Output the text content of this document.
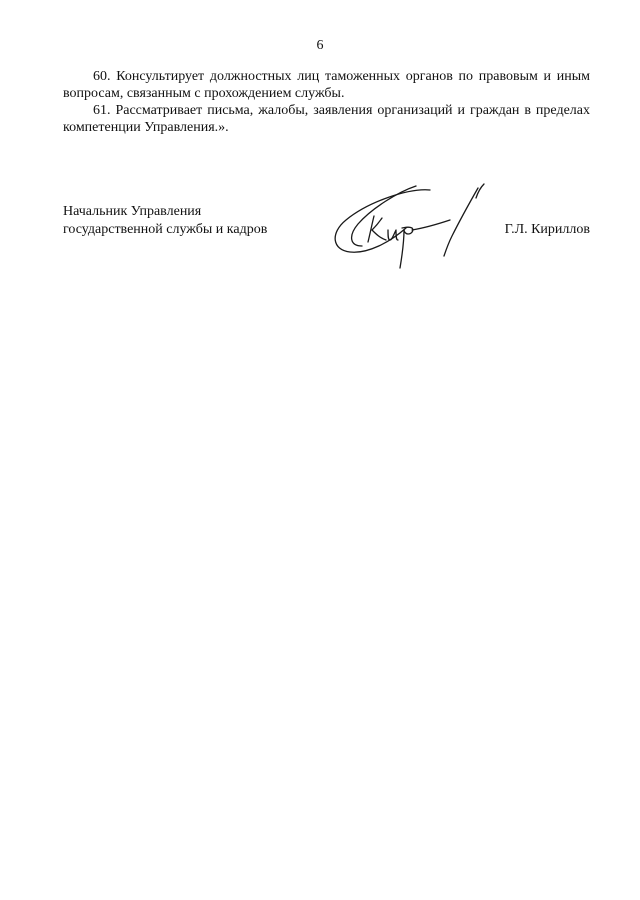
6

60. Консультирует должностных лиц таможенных органов по правовым и иным вопросам, связанным с прохождением службы.

61. Рассматривает письма, жалобы, заявления организаций и граждан в пределах компетенции Управления.».

Начальник Управления
государственной службы и кадров	Г.Л. Кириллов
